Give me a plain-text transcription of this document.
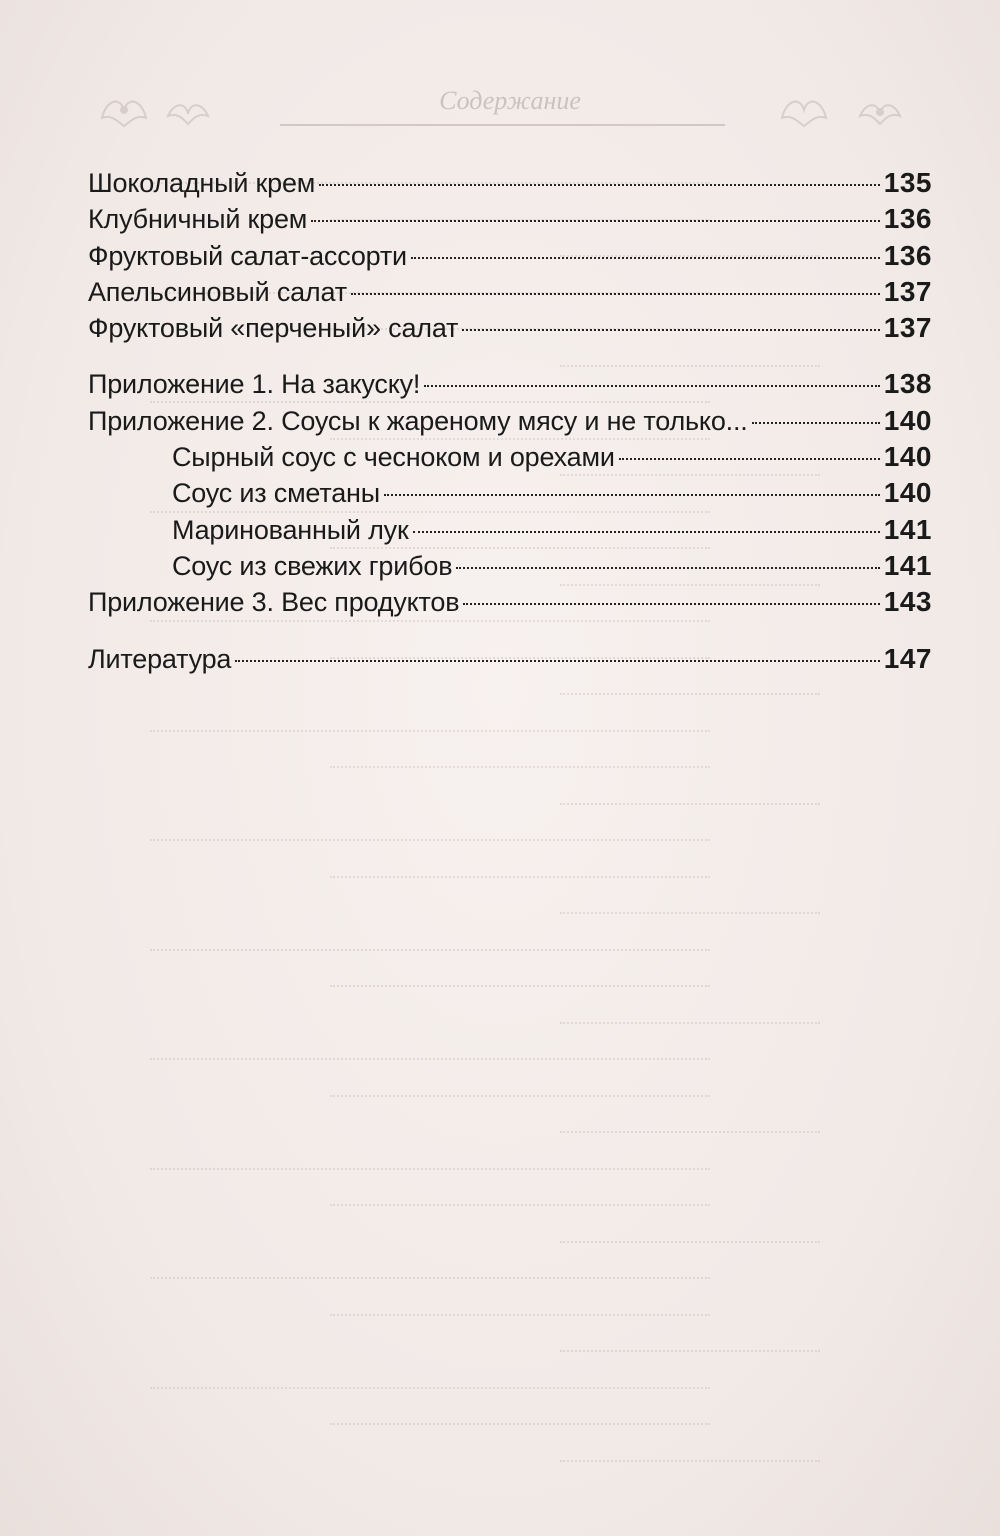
Содержание
Шоколадный крем	135
Клубничный крем	136
Фруктовый салат-ассорти	136
Апельсиновый салат	137
Фруктовый «перченый» салат	137
Приложение 1. На закуску!	138
Приложение 2. Соусы к жареному мясу и не только...	140
Сырный соус с чесноком и орехами	140
Соус из сметаны	140
Маринованный лук	141
Соус из свежих грибов	141
Приложение 3. Вес продуктов	143
Литература	147
